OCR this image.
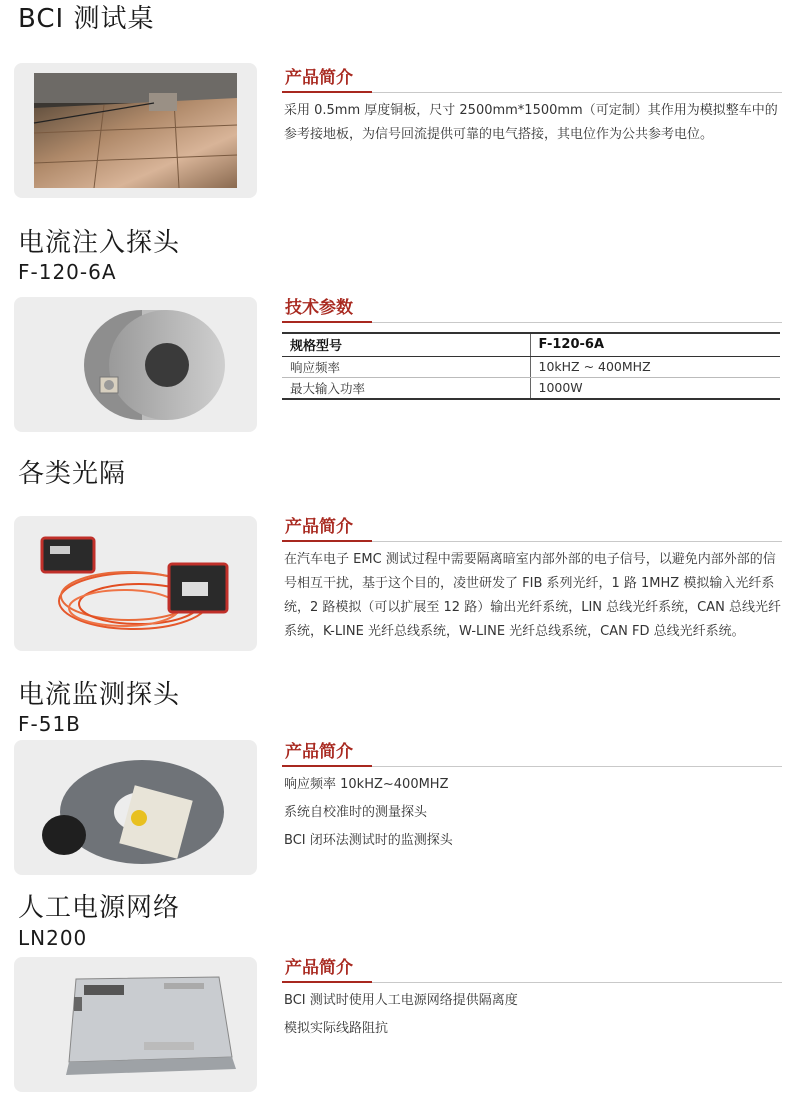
BCI 测试桌
产品简介
采用 0.5mm 厚度铜板，尺寸 2500mm*1500mm（可定制）其作用为模拟整车中的参考接地板，为信号回流提供可靠的电气搭接，其电位作为公共参考电位。
电流注入探头
F-120-6A
技术参数
规格型号	F-120-6A
响应频率	10kHZ ~ 400MHZ
最大输入功率	1000W
各类光隔
产品简介
在汽车电子 EMC 测试过程中需要隔离暗室内部外部的电子信号，以避免内部外部的信号相互干扰，基于这个目的，凌世研发了 FIB 系列光纤，1 路 1MHZ 模拟输入光纤系统，2 路模拟（可以扩展至 12 路）输出光纤系统，LIN 总线光纤系统，CAN 总线光纤系统，K-LINE 光纤总线系统，W-LINE 光纤总线系统，CAN FD 总线光纤系统。
电流监测探头
F-51B
产品简介
响应频率 10kHZ~400MHZ
系统自校准时的测量探头
BCI 闭环法测试时的监测探头
人工电源网络
LN200
产品简介
BCI 测试时使用人工电源网络提供隔离度
模拟实际线路阻抗
